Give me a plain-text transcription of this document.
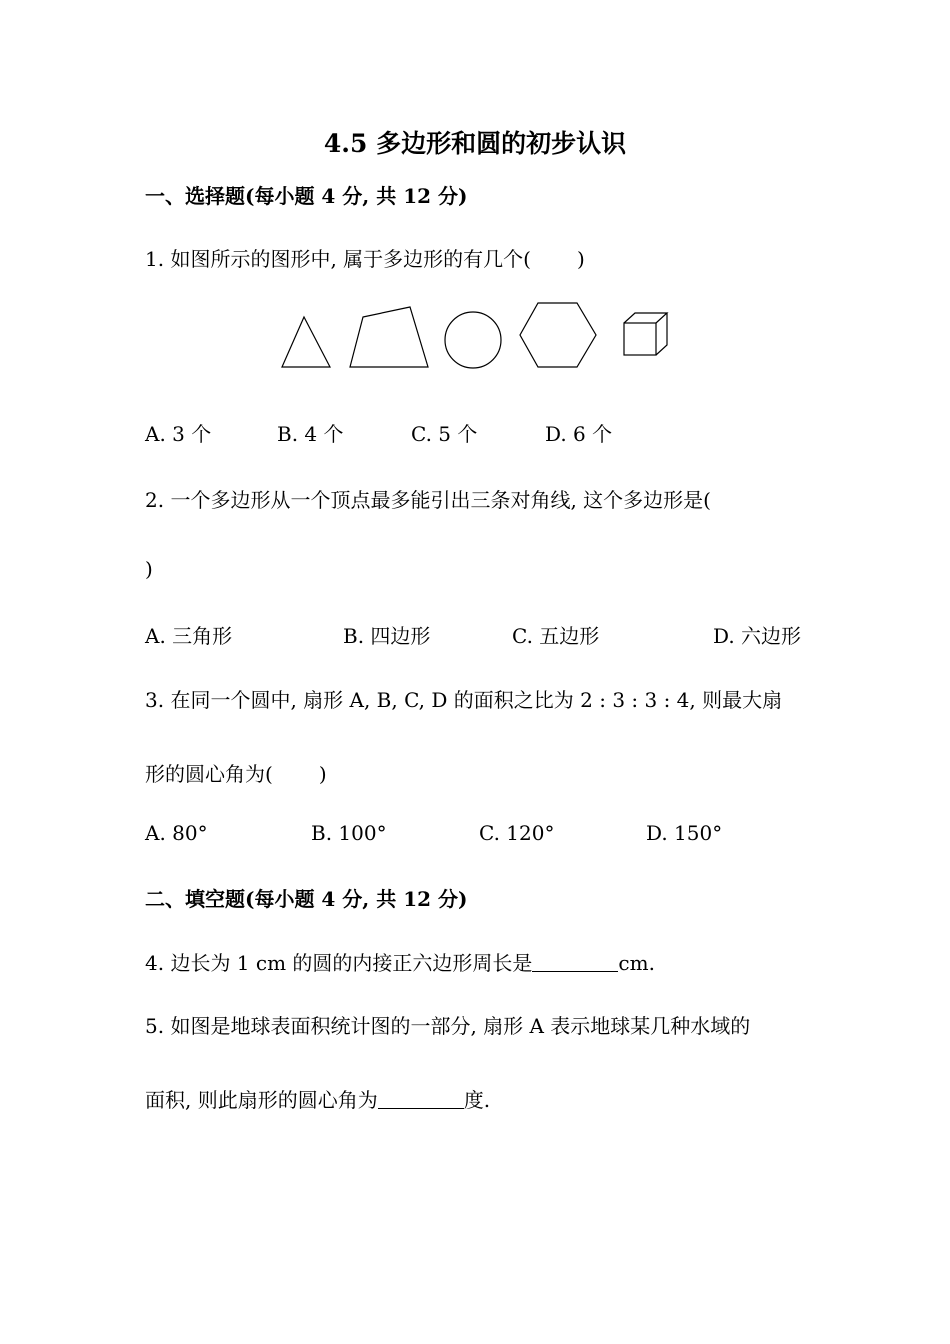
4.5 多边形和圆的初步认识
一、选择题(每小题 4 分, 共 12 分)
1. 如图所示的图形中, 属于多边形的有几个( )
A. 3 个	B. 4 个	C. 5 个	D. 6 个
2. 一个多边形从一个顶点最多能引出三条对角线, 这个多边形是(
)
A. 三角形	B. 四边形	C. 五边形	D. 六边形
3. 在同一个圆中, 扇形 A, B, C, D 的面积之比为 2 : 3 : 3 : 4, 则最大扇
形的圆心角为( )
A. 80°	B. 100°	C. 120°	D. 150°
二、填空题(每小题 4 分, 共 12 分)
4. 边长为 1 cm 的圆的内接正六边形周长是	cm.
5. 如图是地球表面积统计图的一部分, 扇形 A 表示地球某几种水域的
面积, 则此扇形的圆心角为	度.
